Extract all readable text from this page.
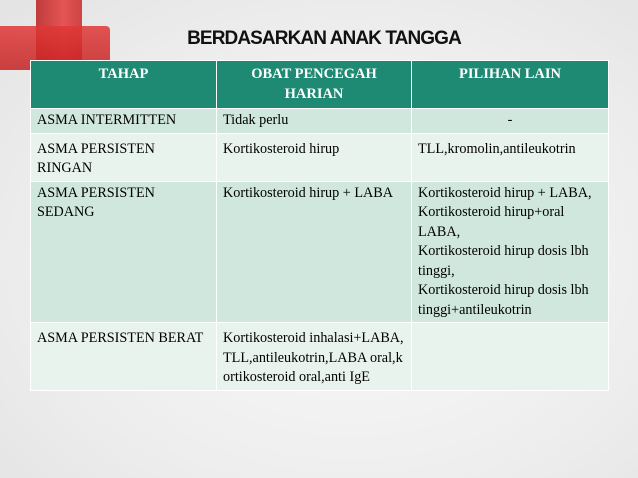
BERDASARKAN ANAK TANGGA
TAHAP	OBAT PENCEGAH HARIAN	PILIHAN LAIN
ASMA INTERMITTEN	Tidak perlu	-
ASMA PERSISTEN RINGAN	Kortikosteroid hirup	TLL,kromolin,antileukotrin
ASMA PERSISTEN SEDANG	Kortikosteroid hirup + LABA	Kortikosteroid hirup + LABA,
Kortikosteroid hirup+oral LABA,
Kortikosteroid hirup dosis lbh tinggi,
Kortikosteroid hirup dosis lbh tinggi+antileukotrin
ASMA PERSISTEN BERAT	Kortikosteroid inhalasi+LABA,TLL,antileukotrin,LABA oral,kortikosteroid oral,anti IgE	
